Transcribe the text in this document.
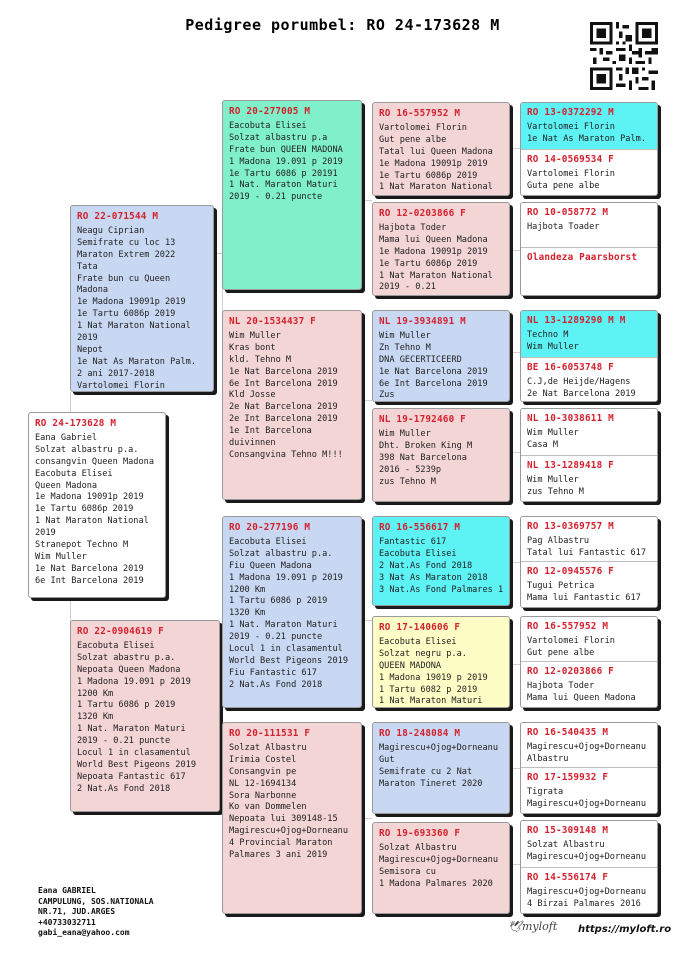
Pedigree porumbel: RO 24-173628 M
RO 24-173628 M
Eana Gabriel
Solzat albastru p.a.
consangvin Queen Madona
Eacobuta Elisei
Queen Madona
1e Madona 19091p 2019
1e Tartu 6086p 2019
1 Nat Maraton National
2019
Stranepot Techno M
Wim Muller
1e Nat Barcelona 2019
6e Int Barcelona 2019
RO 22-071544 M
Neagu Ciprian
Semifrate cu loc 13
Maraton Extrem 2022
Tata
Frate bun cu Queen
Madona
1e Madona 19091p 2019
1e Tartu 6086p 2019
1 Nat Maraton National
2019
Nepot
1e Nat As Maraton Palm.
2 ani 2017-2018
Vartolomei Florin
RO 22-0904619 F
Eacobuta Elisei
Solzat abastru p.a.
Nepoata Queen Madona
1 Madona 19.091 p 2019
1200 Km
1 Tartu 6086 p 2019
1320 Km
1 Nat. Maraton Maturi
2019 - 0.21 puncte
Locul 1 in clasamentul
World Best Pigeons 2019
Nepoata Fantastic 617
2 Nat.As Fond 2018
RO 20-277005 M
Eacobuta Elisei
Solzat albastru p.a
Frate bun QUEEN MADONA
1 Madona 19.091 p 2019
1e Tartu 6086 p 20191
1 Nat. Maraton Maturi
2019 - 0.21 puncte
NL 20-1534437 F
Wim Muller
Kras bont
kld. Tehno M
1e Nat Barcelona 2019
6e Int Barcelona 2019
Kld Josse
2e Nat Barcelona 2019
2e Int Barcelona 2019
1e Int Barcelona
duivinnen
Consangvina Tehno M!!!
RO 20-277196 M
Eacobuta Elisei
Solzat albastru p.a.
Fiu Queen Madona
1 Madona 19.091 p 2019
1200 Km
1 Tartu 6086 p 2019
1320 Km
1 Nat. Maraton Maturi
2019 - 0.21 puncte
Locul 1 in clasamentul
World Best Pigeons 2019
Fiu Fantastic 617
2 Nat.As Fond 2018
RO 20-111531 F
Solzat Albastru
Irimia Costel
Consangvin pe
NL 12-1694134
Sora Narbonne
Ko van Dommelen
Nepoata lui 309148-15
Magirescu+Ojog+Dorneanu
4 Provincial Maraton
Palmares 3 ani 2019
RO 16-557952 M
Vartolomei Florin
Gut pene albe
Tatal lui Queen Madona
1e Madona 19091p 2019
1e Tartu 6086p 2019
1 Nat Maraton National
RO 12-0203866 F
Hajbota Toder
Mama lui Queen Madona
1e Madona 19091p 2019
1e Tartu 6086p 2019
1 Nat Maraton National
2019 - 0.21
NL 19-3934891 M
Wim Muller
Zn Tehno M
DNA GECERTICEERD
1e Nat Barcelona 2019
6e Int Barcelona 2019
Zus
NL 19-1792460 F
Wim Muller
Dht. Broken King M
398 Nat Barcelona
2016 - 5239p
zus Tehno M
RO 16-556617 M
Fantastic 617
Eacobuta Elisei
2 Nat.As Fond 2018
3 Nat As Maraton 2018
3 Nat.As Fond Palmares 1
RO 17-140606 F
Eacobuta Elisei
Solzat negru p.a.
QUEEN MADONA
1 Madona 19019 p 2019
1 Tartu 6082 p 2019
1 Nat Maraton Maturi
RO 18-248084 M
Magirescu+Ojog+Dorneanu
Gut
Semifrate cu 2 Nat
Maraton Tineret 2020
RO 19-693360 F
Solzat Albastru
Magirescu+Ojog+Dorneanu
Semisora cu
1 Madona Palmares 2020
RO 13-0372292 M
Vartolomei Florin
1e Nat As Maraton Palm.
RO 14-0569534 F
Vartolomei Florin
Guta pene albe
RO 10-058772 M
Hajbota Toader
Olandeza Paarsborst
NL 13-1289290 M M
Techno M
Wim Muller
BE 16-6053748 F
C.J,de Heijde/Hagens
2e Nat Barcelona 2019
NL 10-3038611 M
Wim Muller
Casa M
NL 13-1289418 F
Wim Muller
zus Tehno M
RO 13-0369757 M
Pag Albastru
Tatal lui Fantastic 617
RO 12-0945576 F
Tugui Petrica
Mama lui Fantastic 617
RO 16-557952 M
Vartolomei Florin
Gut pene albe
RO 12-0203866 F
Hajbota Toder
Mama lui Queen Madona
RO 16-540435 M
Magirescu+Ojog+Dorneanu
Albastru
RO 17-159932 F
Tigrata
Magirescu+Ojog+Dorneanu
RO 15-309148 M
Solzat Albastru
Magirescu+Ojog+Dorneanu
RO 14-556174 F
Magirescu+Ojog+Dorneanu
4 Birzai Palmares 2016
Eana GABRIEL
CAMPULUNG, SOS.NATIONALA
NR.71, JUD.ARGES
+40733032711
gabi_eana@yahoo.com	🕊myloft https://myloft.ro
